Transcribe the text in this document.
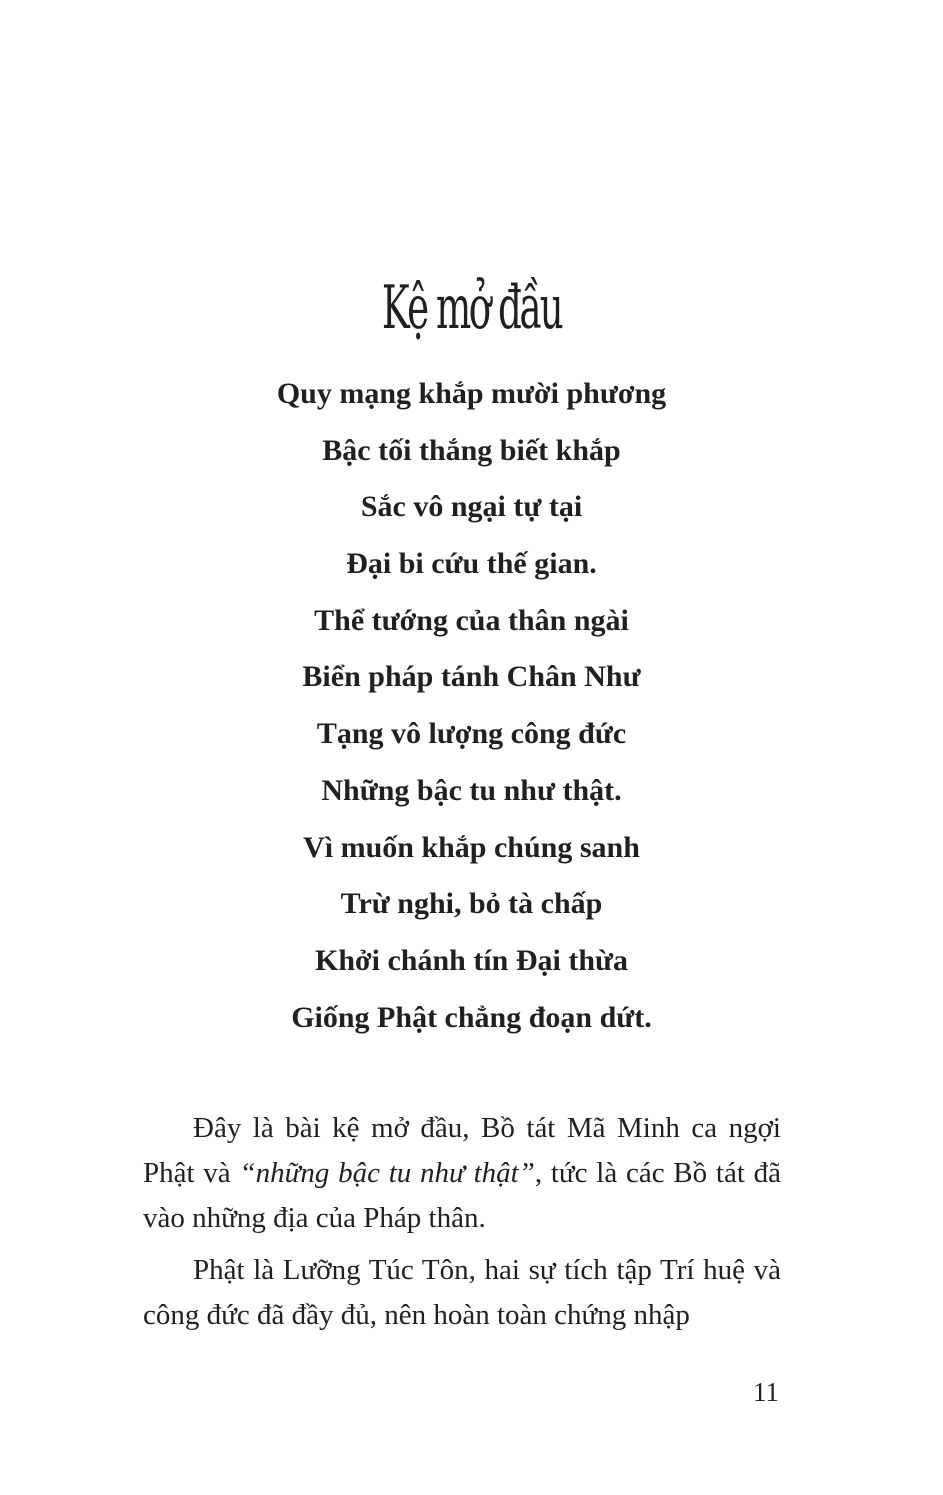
Kệ mở đầu
Quy mạng khắp mười phương
Bậc tối thắng biết khắp
Sắc vô ngại tự tại
Đại bi cứu thế gian.
Thể tướng của thân ngài
Biển pháp tánh Chân Như
Tạng vô lượng công đức
Những bậc tu như thật.
Vì muốn khắp chúng sanh
Trừ nghi, bỏ tà chấp
Khởi chánh tín Đại thừa
Giống Phật chẳng đoạn dứt.

Đây là bài kệ mở đầu, Bồ tát Mã Minh ca ngợi Phật và “những bậc tu như thật”, tức là các Bồ tát đã vào những địa của Pháp thân.

Phật là Lưỡng Túc Tôn, hai sự tích tập Trí huệ và công đức đã đầy đủ, nên hoàn toàn chứng nhập

11
